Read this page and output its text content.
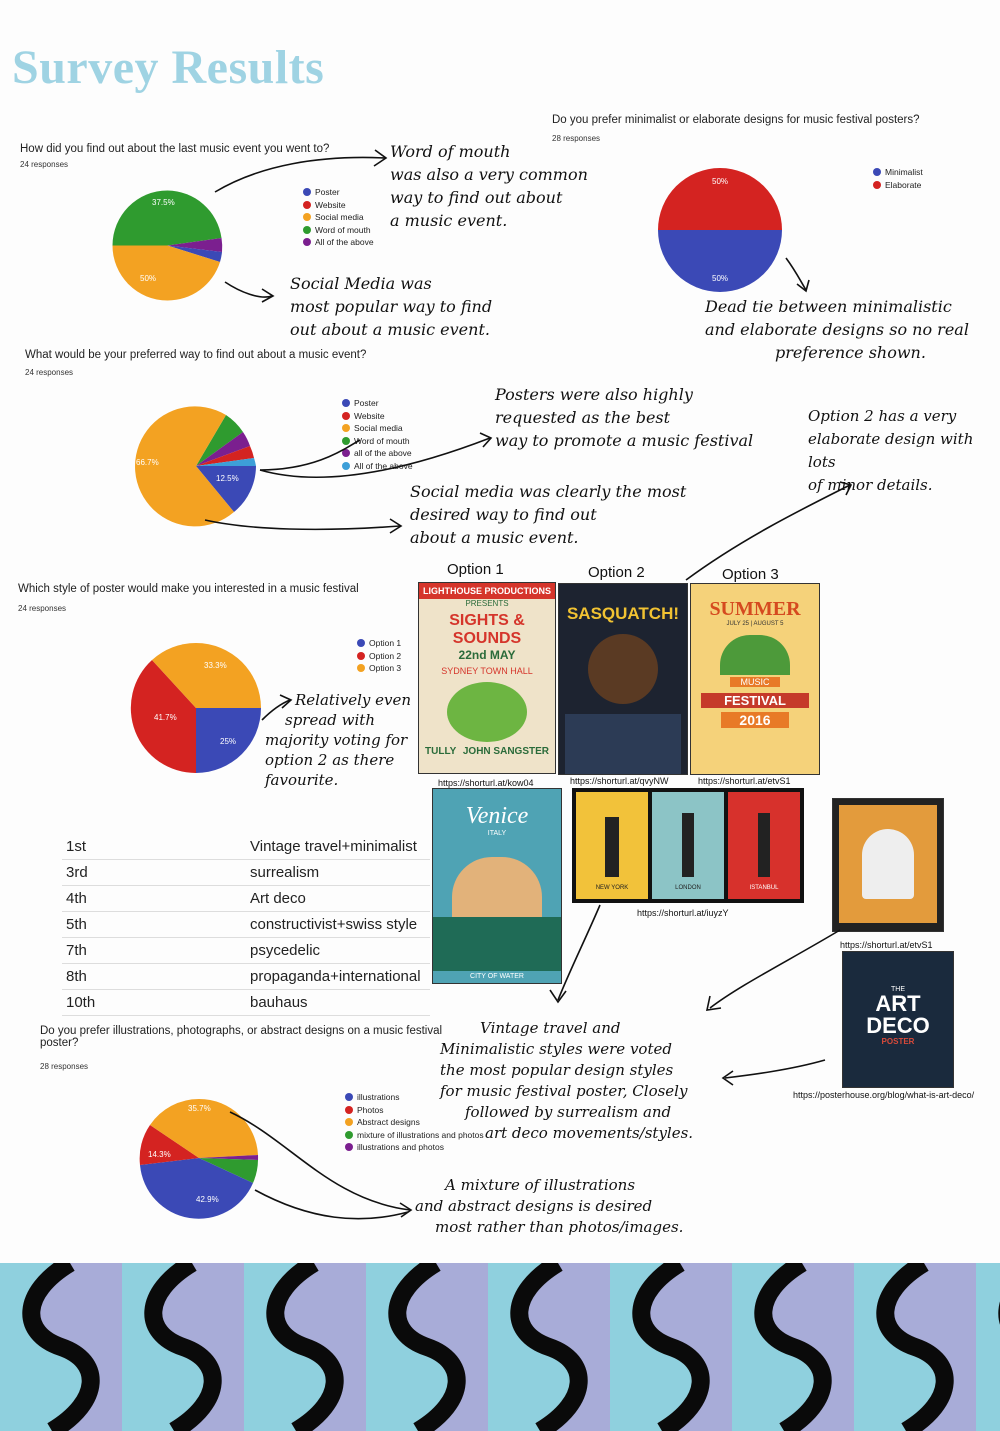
Survey Results
How did you find out about the last music event you went to?
24 responses
37.5%
50%
Poster
Website
Social media
Word of mouth
All of the above
Word of mouth
was also a very common
way to find out about
a music event.
Social Media was
most popular way to find
out about a music event.
Do you prefer minimalist or elaborate designs for music festival posters?
28 responses
50%
50%
Minimalist
Elaborate
Dead tie between minimalistic
and elaborate designs so no real
preference shown.
What would be your preferred way to find out about a music event?
24 responses
66.7%
12.5%
Poster
Website
Social media
Word of mouth
all of the above
All of the above
Posters were also highly
requested as the best
way to promote a music festival
Social media was clearly the most
desired way to find out
about a music event.
Option 2 has a very
elaborate design with lots
of minor details.
Which style of poster would make you interested in a music festival
24 responses
33.3%
41.7%
25%
Option 1
Option 2
Option 3
Relatively even
spread with
majority voting for
option 2 as there
favourite.
Option 1	Option 2	Option 3
LIGHTHOUSE PRODUCTIONS
PRESENTS
SIGHTS & SOUNDS
22nd MAY
SYDNEY TOWN HALL
TULLY JOHN SANGSTER
SASQUATCH!	SUMMER
JULY 25 | AUGUST 5
MUSIC
FESTIVAL
2016
https://shorturl.at/kow04	https://shorturl.at/qvyNW	https://shorturl.at/etvS1
1st	Vintage travel+minimalist
3rd	surrealism
4th	Art deco
5th	constructivist+swiss style
7th	psycedelic
8th	propaganda+international
10th	bauhaus
Venice
ITALY
CITY OF WATER
NEW YORK	LONDON	ISTANBUL
https://shorturl.at/iuyzY
https://shorturl.at/etvS1
THE
ART
DECO
POSTER
https://posterhouse.org/blog/what-is-art-deco/
Vintage travel and
Minimalistic styles were voted
the most popular design styles
for music festival poster, Closely
followed by surrealism and
art deco movements/styles.
Do you prefer illustrations, photographs, or abstract designs on a music festival
poster?
28 responses
35.7%
14.3%
42.9%
illustrations
Photos
Abstract designs
mixture of illustrations and photos
illustrations and photos
A mixture of illustrations
and abstract designs is desired
most rather than photos/images.
